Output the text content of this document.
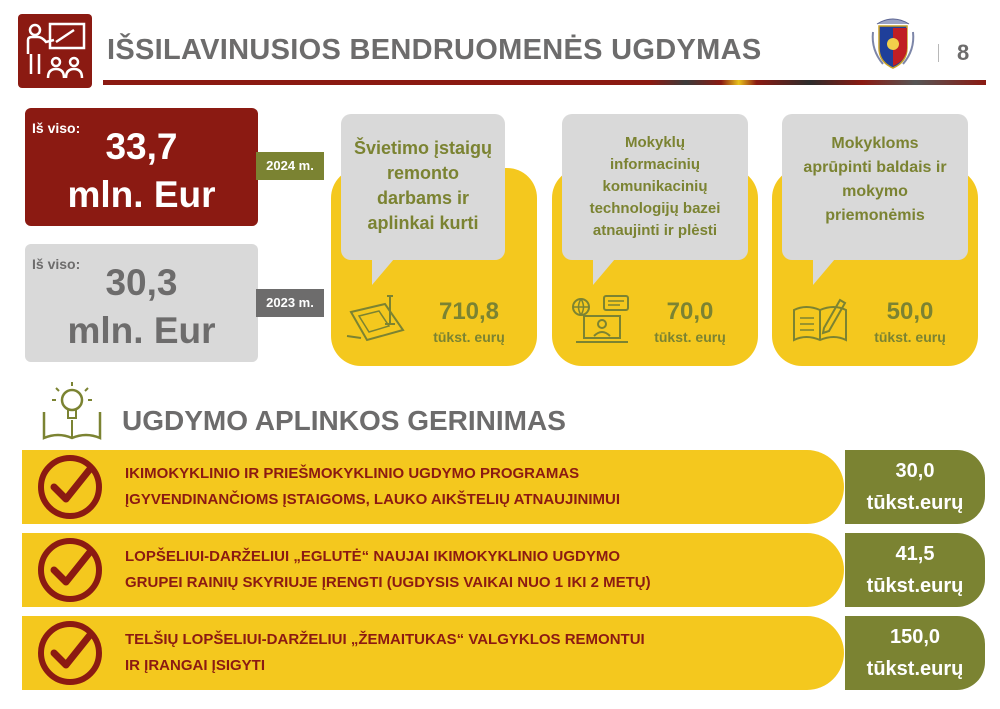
IŠSILAVINUSIOS BENDRUOMENĖS UGDYMAS	8
Iš viso: 33,7
mln. Eur
2024 m.
Iš viso: 30,3
mln. Eur
2023 m.
Švietimo įstaigų
remonto
darbams ir
aplinkai kurti
710,8
tūkst. eurų
Mokyklų
informacinių
komunikacinių
technologijų bazei
atnaujinti ir plėsti
70,0
tūkst. eurų
Mokykloms
aprūpinti baldais ir
mokymo
priemonėmis
50,0
tūkst. eurų
UGDYMO APLINKOS GERINIMAS
IKIMOKYKLINIO IR PRIEŠMOKYKLINIO UGDYMO PROGRAMAS
ĮGYVENDINANČIOMS ĮSTAIGOMS, LAUKO AIKŠTELIŲ ATNAUJINIMUI
30,0
tūkst.eurų
LOPŠELIUI-DARŽELIUI „EGLUTĖ“ NAUJAI IKIMOKYKLINIO UGDYMO
GRUPEI RAINIŲ SKYRIUJE ĮRENGTI (UGDYSIS VAIKAI NUO 1 IKI 2 METŲ)
41,5
tūkst.eurų
TELŠIŲ LOPŠELIUI-DARŽELIUI „ŽEMAITUKAS“ VALGYKLOS REMONTUI
IR ĮRANGAI ĮSIGYTI
150,0
tūkst.eurų
